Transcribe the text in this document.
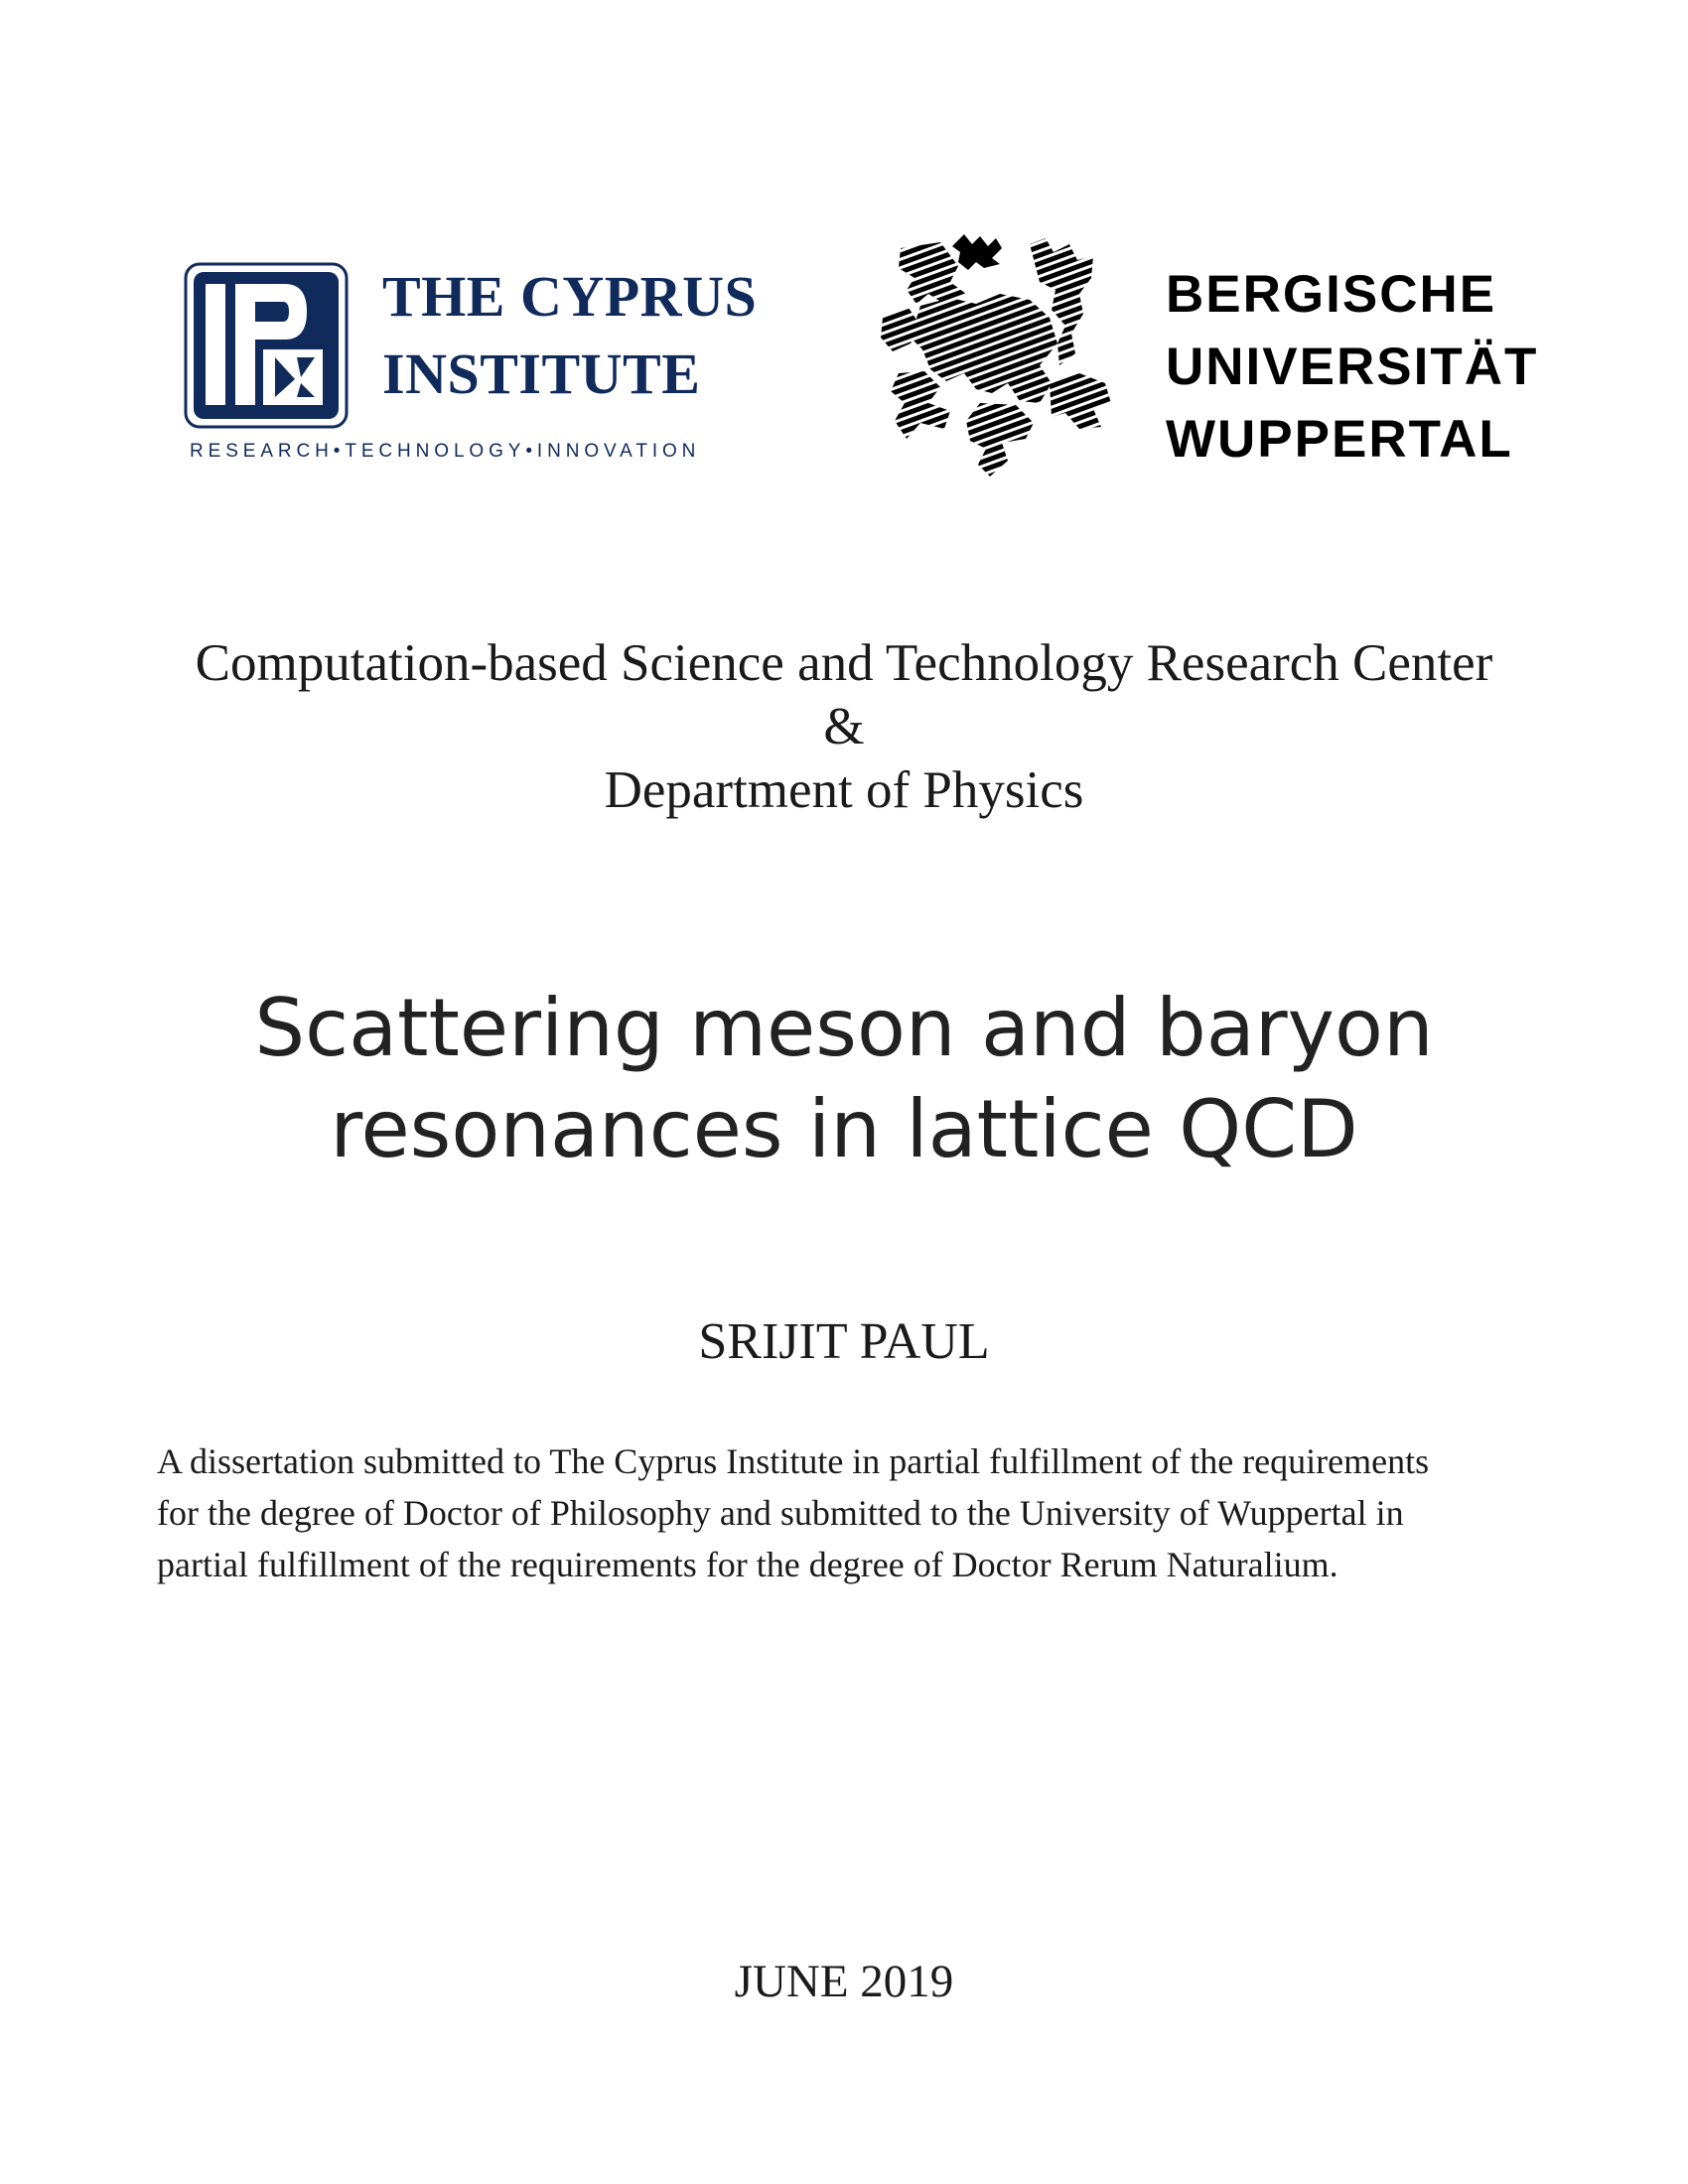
THE CYPRUS
INSTITUTE
RESEARCH•TECHNOLOGY•INNOVATION
BERGISCHE
UNIVERSITÄT
WUPPERTAL
Computation-based Science and Technology Research Center
&
Department of Physics
Scattering meson and baryon
resonances in lattice QCD
SRIJIT PAUL
A dissertation submitted to The Cyprus Institute in partial fulfillment of the requirements
for the degree of Doctor of Philosophy and submitted to the University of Wuppertal in
partial fulfillment of the requirements for the degree of Doctor Rerum Naturalium.
JUNE 2019
